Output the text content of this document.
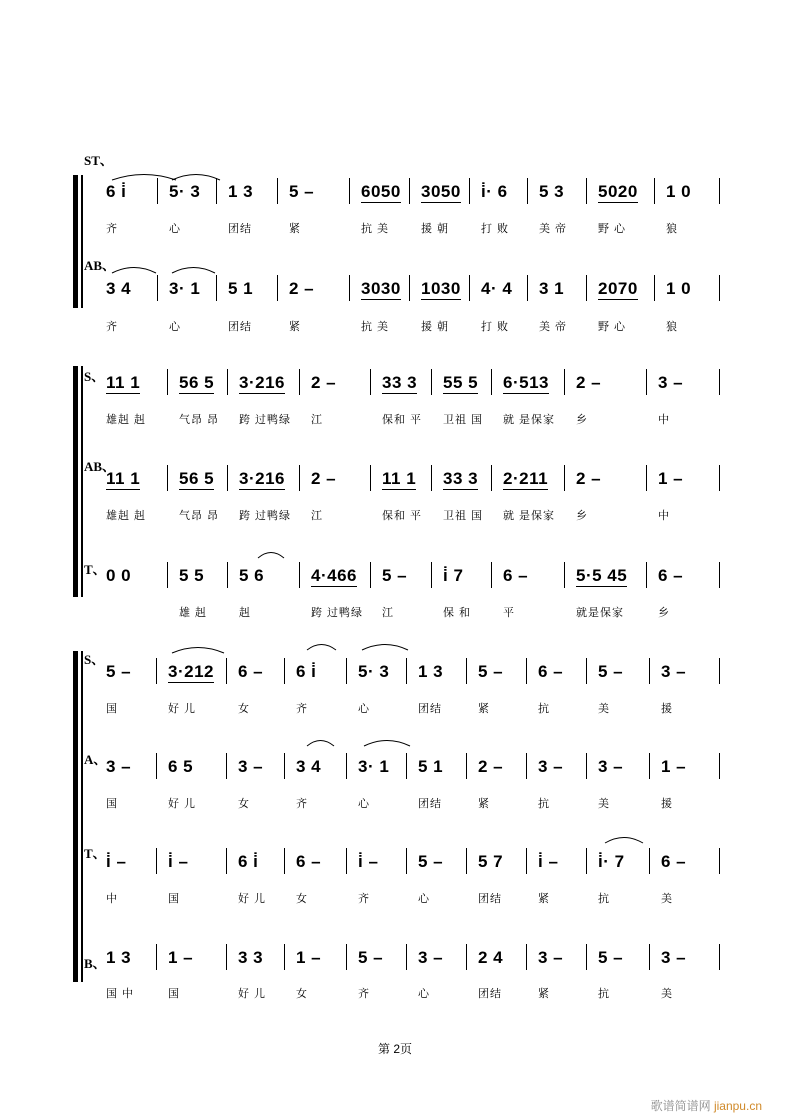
ST、
6 i̇
齐
5· 3
心
1 3
团结
5 –
紧
6050
抗 美
3050
援 朝
i̇· 6
打 败
5 3
美 帝
5020
野 心
1 0
狼
AB、
3 4
齐
3· 1
心
5 1
团结
2 –
紧
3030
抗 美
1030
援 朝
4· 4
打 败
3 1
美 帝
2070
野 心
1 0
狼
S、 11 1
雄赳 赳
56 5
气昂 昂
3·216
跨 过鸭绿
2 –
江
33 3
保和 平
55 5
卫祖 国
6·513
就 是保家
2 –
乡
3 –
中
AB、
11 1
雄赳 赳
56 5
气昂 昂
3·216
跨 过鸭绿
2 –
江
11 1
保和 平
33 3
卫祖 国
2·211
就 是保家
2 –
乡
1 –
中
T、 0 0	5 5
雄 赳
5 6
赳
4·466
跨 过鸭绿
5 –
江
i̇ 7
保 和
6 –
平
5·5 45
就是保家
6 –
乡
S、
5 –
国
3·212
好 儿
6 –
女
6 i̇
齐
5· 3
心
1 3
团结
5 –
紧
6 –
抗
5 –
美
3 –
援
A、 3 –
国
6 5
好 儿
3 –
女
3 4
齐
3· 1
心
5 1
团结
2 –
紧
3 –
抗
3 –
美
1 –
援
T、 i̇ –
中
i̇ –
国
6 i̇
好 儿
6 –
女
i̇ –
齐
5 –
心
5 7
团结
i̇ –
紧
i̇· 7
抗
6 –
美
B、 1 3
国 中
1 –
国
3 3
好 儿
1 –
女
5 –
齐
3 –
心
2 4
团结
3 –
紧
5 –
抗
3 –
美
第 2页
歌谱简谱网 jianpu.cn
